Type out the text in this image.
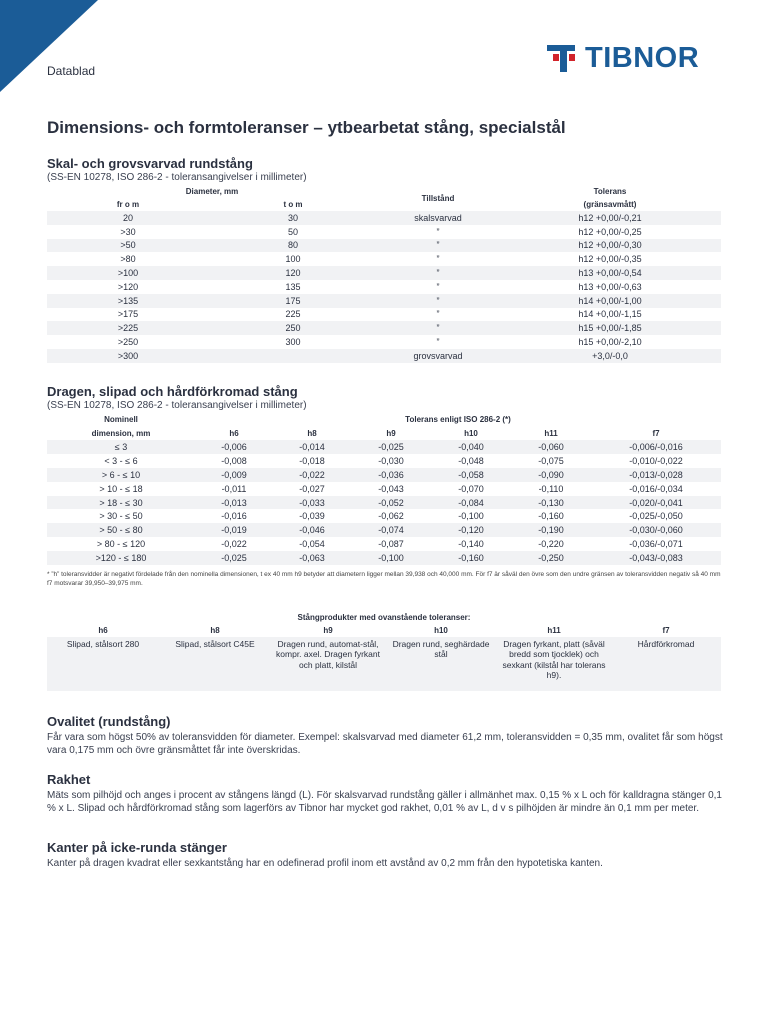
Datablad	TIBNOR
Dimensions- och formtoleranser – ytbearbetat stång, specialstål
Skal- och grovsvarvad rundstång
(SS-EN 10278, ISO 286-2 - toleransangivelser i millimeter)
Diameter, mm		Tillstånd	Tolerans
fr o m	t o m		(gränsavmått)
20	30	skalsvarvad	h12 +0,00/-0,21
>30	50	”	h12 +0,00/-0,25
>50	80	”	h12 +0,00/-0,30
>80	100	”	h12 +0,00/-0,35
>100	120	”	h13 +0,00/-0,54
>120	135	”	h13 +0,00/-0,63
>135	175	”	h14 +0,00/-1,00
>175	225	”	h14 +0,00/-1,15
>225	250	”	h15 +0,00/-1,85
>250	300	”	h15 +0,00/-2,10
>300		grovsvarvad	+3,0/-0,0
Dragen, slipad och hårdförkromad stång
(SS-EN 10278, ISO 286-2 - toleransangivelser i millimeter)
Nominell	Tolerans enligt ISO 286-2 (*)					
dimension, mm	h6	h8	h9	h10	h11	f7
≤ 3	-0,006	-0,014	-0,025	-0,040	-0,060	-0,006/-0,016
< 3 - ≤ 6	-0,008	-0,018	-0,030	-0,048	-0,075	-0,010/-0,022
> 6 - ≤ 10	-0,009	-0,022	-0,036	-0,058	-0,090	-0,013/-0,028
> 10 - ≤ 18	-0,011	-0,027	-0,043	-0,070	-0,110	-0,016/-0,034
> 18 - ≤ 30	-0,013	-0,033	-0,052	-0,084	-0,130	-0,020/-0,041
> 30 - ≤ 50	-0,016	-0,039	-0,062	-0,100	-0,160	-0,025/-0,050
> 50 - ≤ 80	-0,019	-0,046	-0,074	-0,120	-0,190	-0,030/-0,060
> 80 - ≤ 120	-0,022	-0,054	-0,087	-0,140	-0,220	-0,036/-0,071
>120 - ≤ 180	-0,025	-0,063	-0,100	-0,160	-0,250	-0,043/-0,083
* ”h” toleransvidder är negativt fördelade från den nominella dimensionen, t ex 40 mm h9 betyder att diametern ligger mellan 39,938 och 40,000 mm. För f7 är såväl den övre som den undre gränsen av toleransvidden negativ så 40 mm f7 motsvarar 39,950–39,975 mm.
Stångprodukter med ovanstående toleranser:					
h6	h8	h9	h10	h11	f7
Slipad, stålsort 280	Slipad, stålsort C45E	Dragen rund, automat-stål, kompr. axel. Dragen fyrkant och platt, kilstål	Dragen rund, seghärdade stål	Dragen fyrkant, platt (såväl bredd som tjocklek) och sexkant (kilstål har tolerans h9).	Hårdförkromad
Ovalitet (rundstång)

Får vara som högst 50% av toleransvidden för diameter. Exempel: skalsvarvad med diameter 61,2 mm, toleransvidden = 0,35 mm, ovalitet får som högst vara 0,175 mm och övre gränsmåttet får inte överskridas.

Rakhet

Mäts som pilhöjd och anges i procent av stångens längd (L). För skalsvarvad rundstång gäller i allmänhet max. 0,15 % x L och för kalldragna stänger 0,1 % x L. Slipad och hårdförkromad stång som lagerförs av Tibnor har mycket god rakhet, 0,01 % av L, d v s pilhöjden är mindre än 0,1 mm per meter.

Kanter på icke-runda stänger

Kanter på dragen kvadrat eller sexkantstång har en odefinerad profil inom ett avstånd av 0,2 mm från den hypotetiska kanten.
